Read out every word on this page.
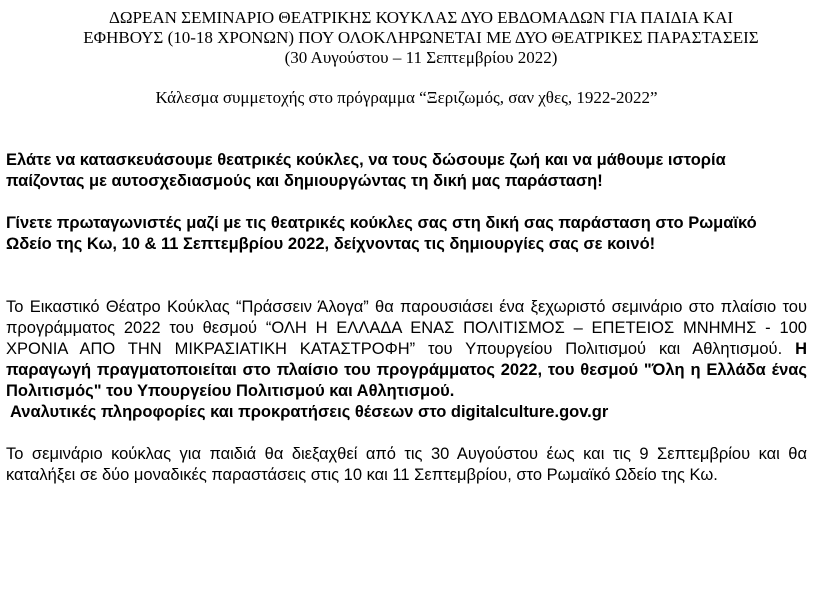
ΔΩΡΕΑΝ ΣΕΜΙΝΑΡΙΟ ΘΕΑΤΡΙΚΗΣ ΚΟΥΚΛΑΣ ΔΥΟ ΕΒΔΟΜΑΔΩΝ ΓΙΑ ΠΑΙΔΙΑ ΚΑΙ

ΕΦΗΒΟΥΣ (10-18 ΧΡΟΝΩΝ) ΠΟΥ ΟΛΟΚΛΗΡΩΝΕΤΑΙ ΜΕ ΔΥΟ ΘΕΑΤΡΙΚΕΣ ΠΑΡΑΣΤΑΣΕΙΣ

(30 Αυγούστου – 11 Σεπτεμβρίου 2022)

Κάλεσμα συμμετοχής στο πρόγραμμα “Ξεριζωμός, σαν χθες, 1922-2022”

Ελάτε να κατασκευάσουμε θεατρικές κούκλες, να τους δώσουμε ζωή και να μάθουμε ιστορία παίζοντας με αυτοσχεδιασμούς και δημιουργώντας τη δική μας παράσταση!

Γίνετε πρωταγωνιστές μαζί με τις θεατρικές κούκλες σας στη δική σας παράσταση στο Ρωμαϊκό Ωδείο της Κω, 10 & 11 Σεπτεμβρίου 2022, δείχνοντας τις δημιουργίες σας σε κοινό!

Το Εικαστικό Θέατρο Κούκλας “Πράσσειν Άλογα” θα παρουσιάσει ένα ξεχωριστό σεμινάριο στο πλαίσιο του προγράμματος 2022 του θεσμού “ΟΛΗ Η ΕΛΛΑΔΑ ΕΝΑΣ ΠΟΛΙΤΙΣΜΟΣ – ΕΠΕΤΕΙΟΣ ΜΝΗΜΗΣ - 100 ΧΡΟΝΙΑ ΑΠΟ ΤΗΝ ΜΙΚΡΑΣΙΑΤΙΚΗ ΚΑΤΑΣΤΡΟΦΗ” του Υπουργείου Πολιτισμού και Αθλητισμού. Η παραγωγή πραγματοποιείται στο πλαίσιο του προγράμματος 2022, του θεσμού "Όλη η Ελλάδα ένας Πολιτισμός" του Υπουργείου Πολιτισμού και Αθλητισμού.

Αναλυτικές πληροφορίες και προκρατήσεις θέσεων στο digitalculture.gov.gr

Το σεμινάριο κούκλας για παιδιά θα διεξαχθεί από τις 30 Αυγούστου έως και τις 9 Σεπτεμβρίου και θα καταλήξει σε δύο μοναδικές παραστάσεις στις 10 και 11 Σεπτεμβρίου, στο Ρωμαϊκό Ωδείο της Κω.
